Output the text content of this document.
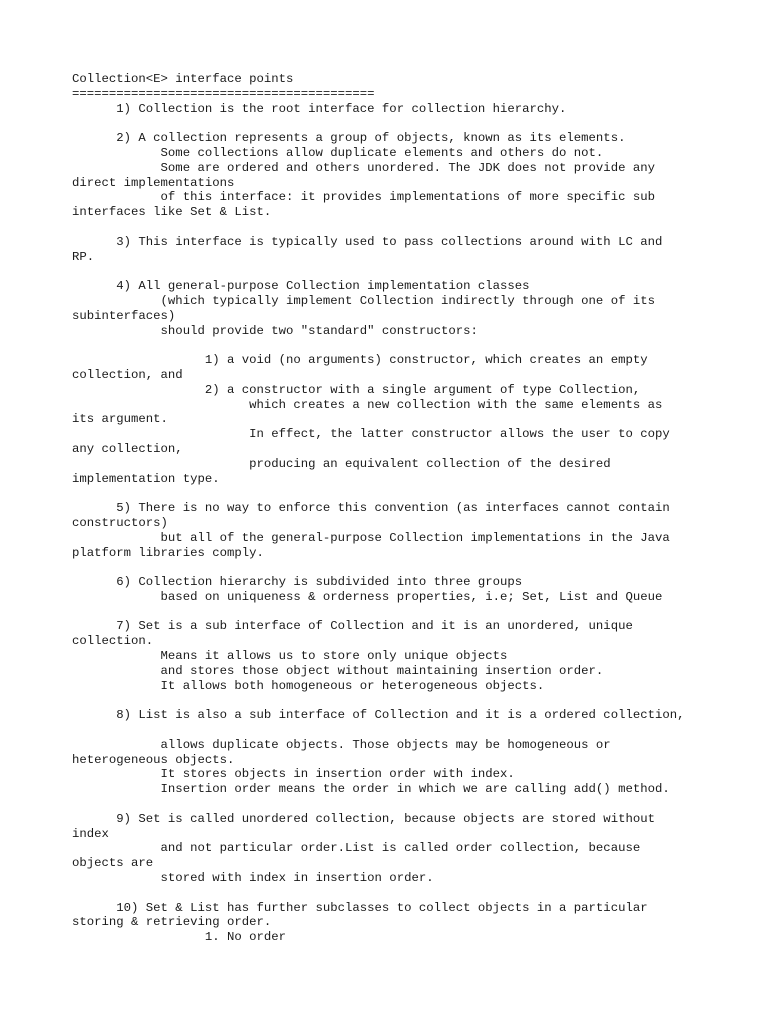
Collection<E> interface points
=========================================
1) Collection is the root interface for collection hierarchy.
2) A collection represents a group of objects, known as its elements.
Some collections allow duplicate elements and others do not.
Some are ordered and others unordered. The JDK does not provide any
direct implementations
of this interface: it provides implementations of more specific sub
interfaces like Set & List.
3) This interface is typically used to pass collections around with LC and
RP.
4) All general-purpose Collection implementation classes
(which typically implement Collection indirectly through one of its
subinterfaces)
should provide two "standard" constructors:
1) a void (no arguments) constructor, which creates an empty
collection, and
2) a constructor with a single argument of type Collection,
which creates a new collection with the same elements as
its argument.
In effect, the latter constructor allows the user to copy
any collection,
producing an equivalent collection of the desired
implementation type.
5) There is no way to enforce this convention (as interfaces cannot contain
constructors)
but all of the general-purpose Collection implementations in the Java
platform libraries comply.
6) Collection hierarchy is subdivided into three groups
based on uniqueness & orderness properties, i.e; Set, List and Queue
7) Set is a sub interface of Collection and it is an unordered, unique
collection.
Means it allows us to store only unique objects
and stores those object without maintaining insertion order.
It allows both homogeneous or heterogeneous objects.
8) List is also a sub interface of Collection and it is a ordered collection,
allows duplicate objects. Those objects may be homogeneous or
heterogeneous objects.
It stores objects in insertion order with index.
Insertion order means the order in which we are calling add() method.
9) Set is called unordered collection, because objects are stored without
index
and not particular order.List is called order collection, because
objects are
stored with index in insertion order.
10) Set & List has further subclasses to collect objects in a particular
storing & retrieving order.
1. No order
